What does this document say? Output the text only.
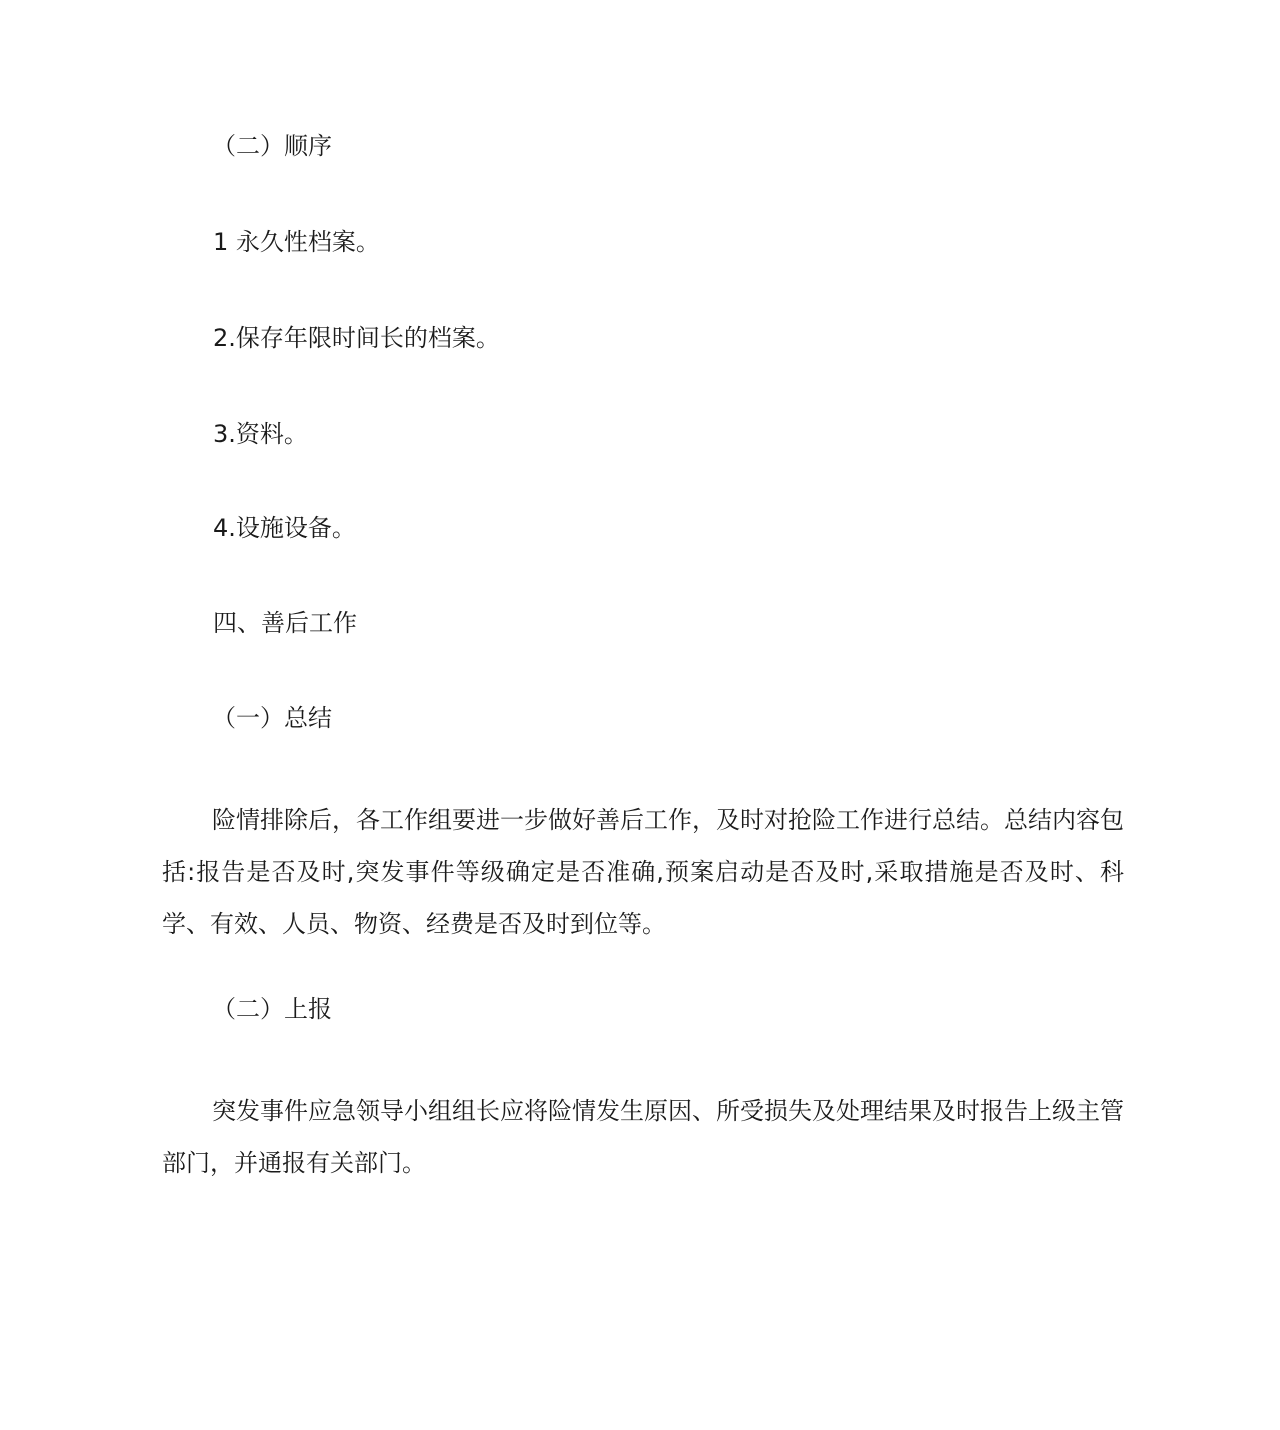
（二）顺序

1 永久性档案。

2.保存年限时间长的档案。

3.资料。

4.设施设备。

四、善后工作

（一）总结

险情排除后，各工作组要进一步做好善后工作，及时对抢险工作进行总结。总结内容包括:报告是否及时,突发事件等级确定是否准确,预案启动是否及时,采取措施是否及时、科学、有效、人员、物资、经费是否及时到位等。

（二）上报

突发事件应急领导小组组长应将险情发生原因、所受损失及处理结果及时报告上级主管部门，并通报有关部门。
